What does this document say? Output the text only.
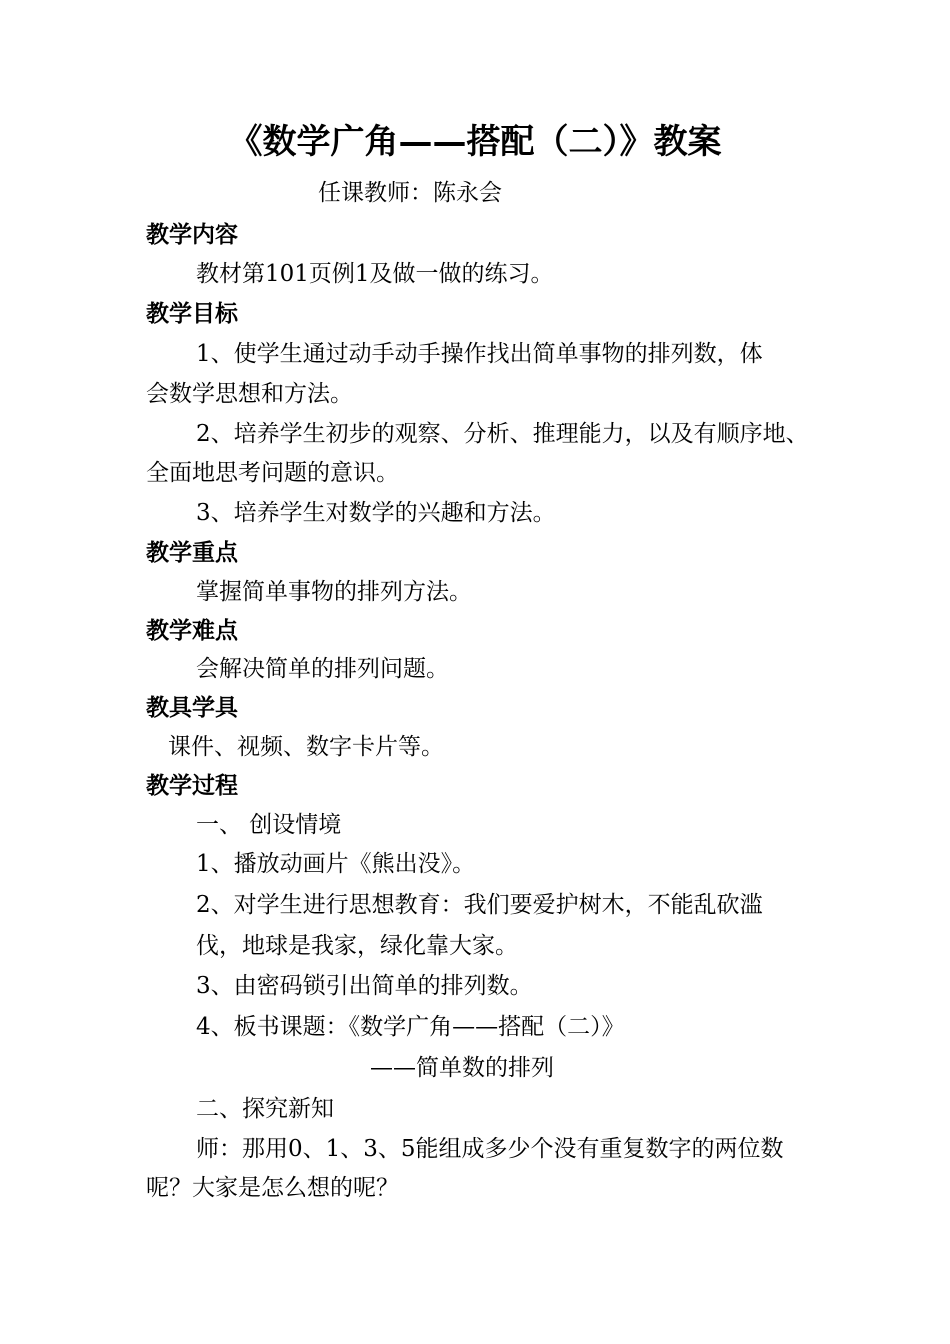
《数学广角——搭配（二）》教案
任课教师：陈永会
教学内容
教材第101页例1及做一做的练习。
教学目标
1、使学生通过动手动手操作找出简单事物的排列数，体
会数学思想和方法。
2、培养学生初步的观察、分析、推理能力，以及有顺序地、
全面地思考问题的意识。
3、培养学生对数学的兴趣和方法。
教学重点
掌握简单事物的排列方法。
教学难点
会解决简单的排列问题。
教具学具
课件、视频、数字卡片等。
教学过程
一、 创设情境
1、播放动画片《熊出没》。
2、对学生进行思想教育：我们要爱护树木，不能乱砍滥
伐，地球是我家，绿化靠大家。
3、由密码锁引出简单的排列数。
4、板书课题：《数学广角——搭配（二）》
——简单数的排列
二、探究新知
师：那用0、1、3、5能组成多少个没有重复数字的两位数
呢？大家是怎么想的呢？
